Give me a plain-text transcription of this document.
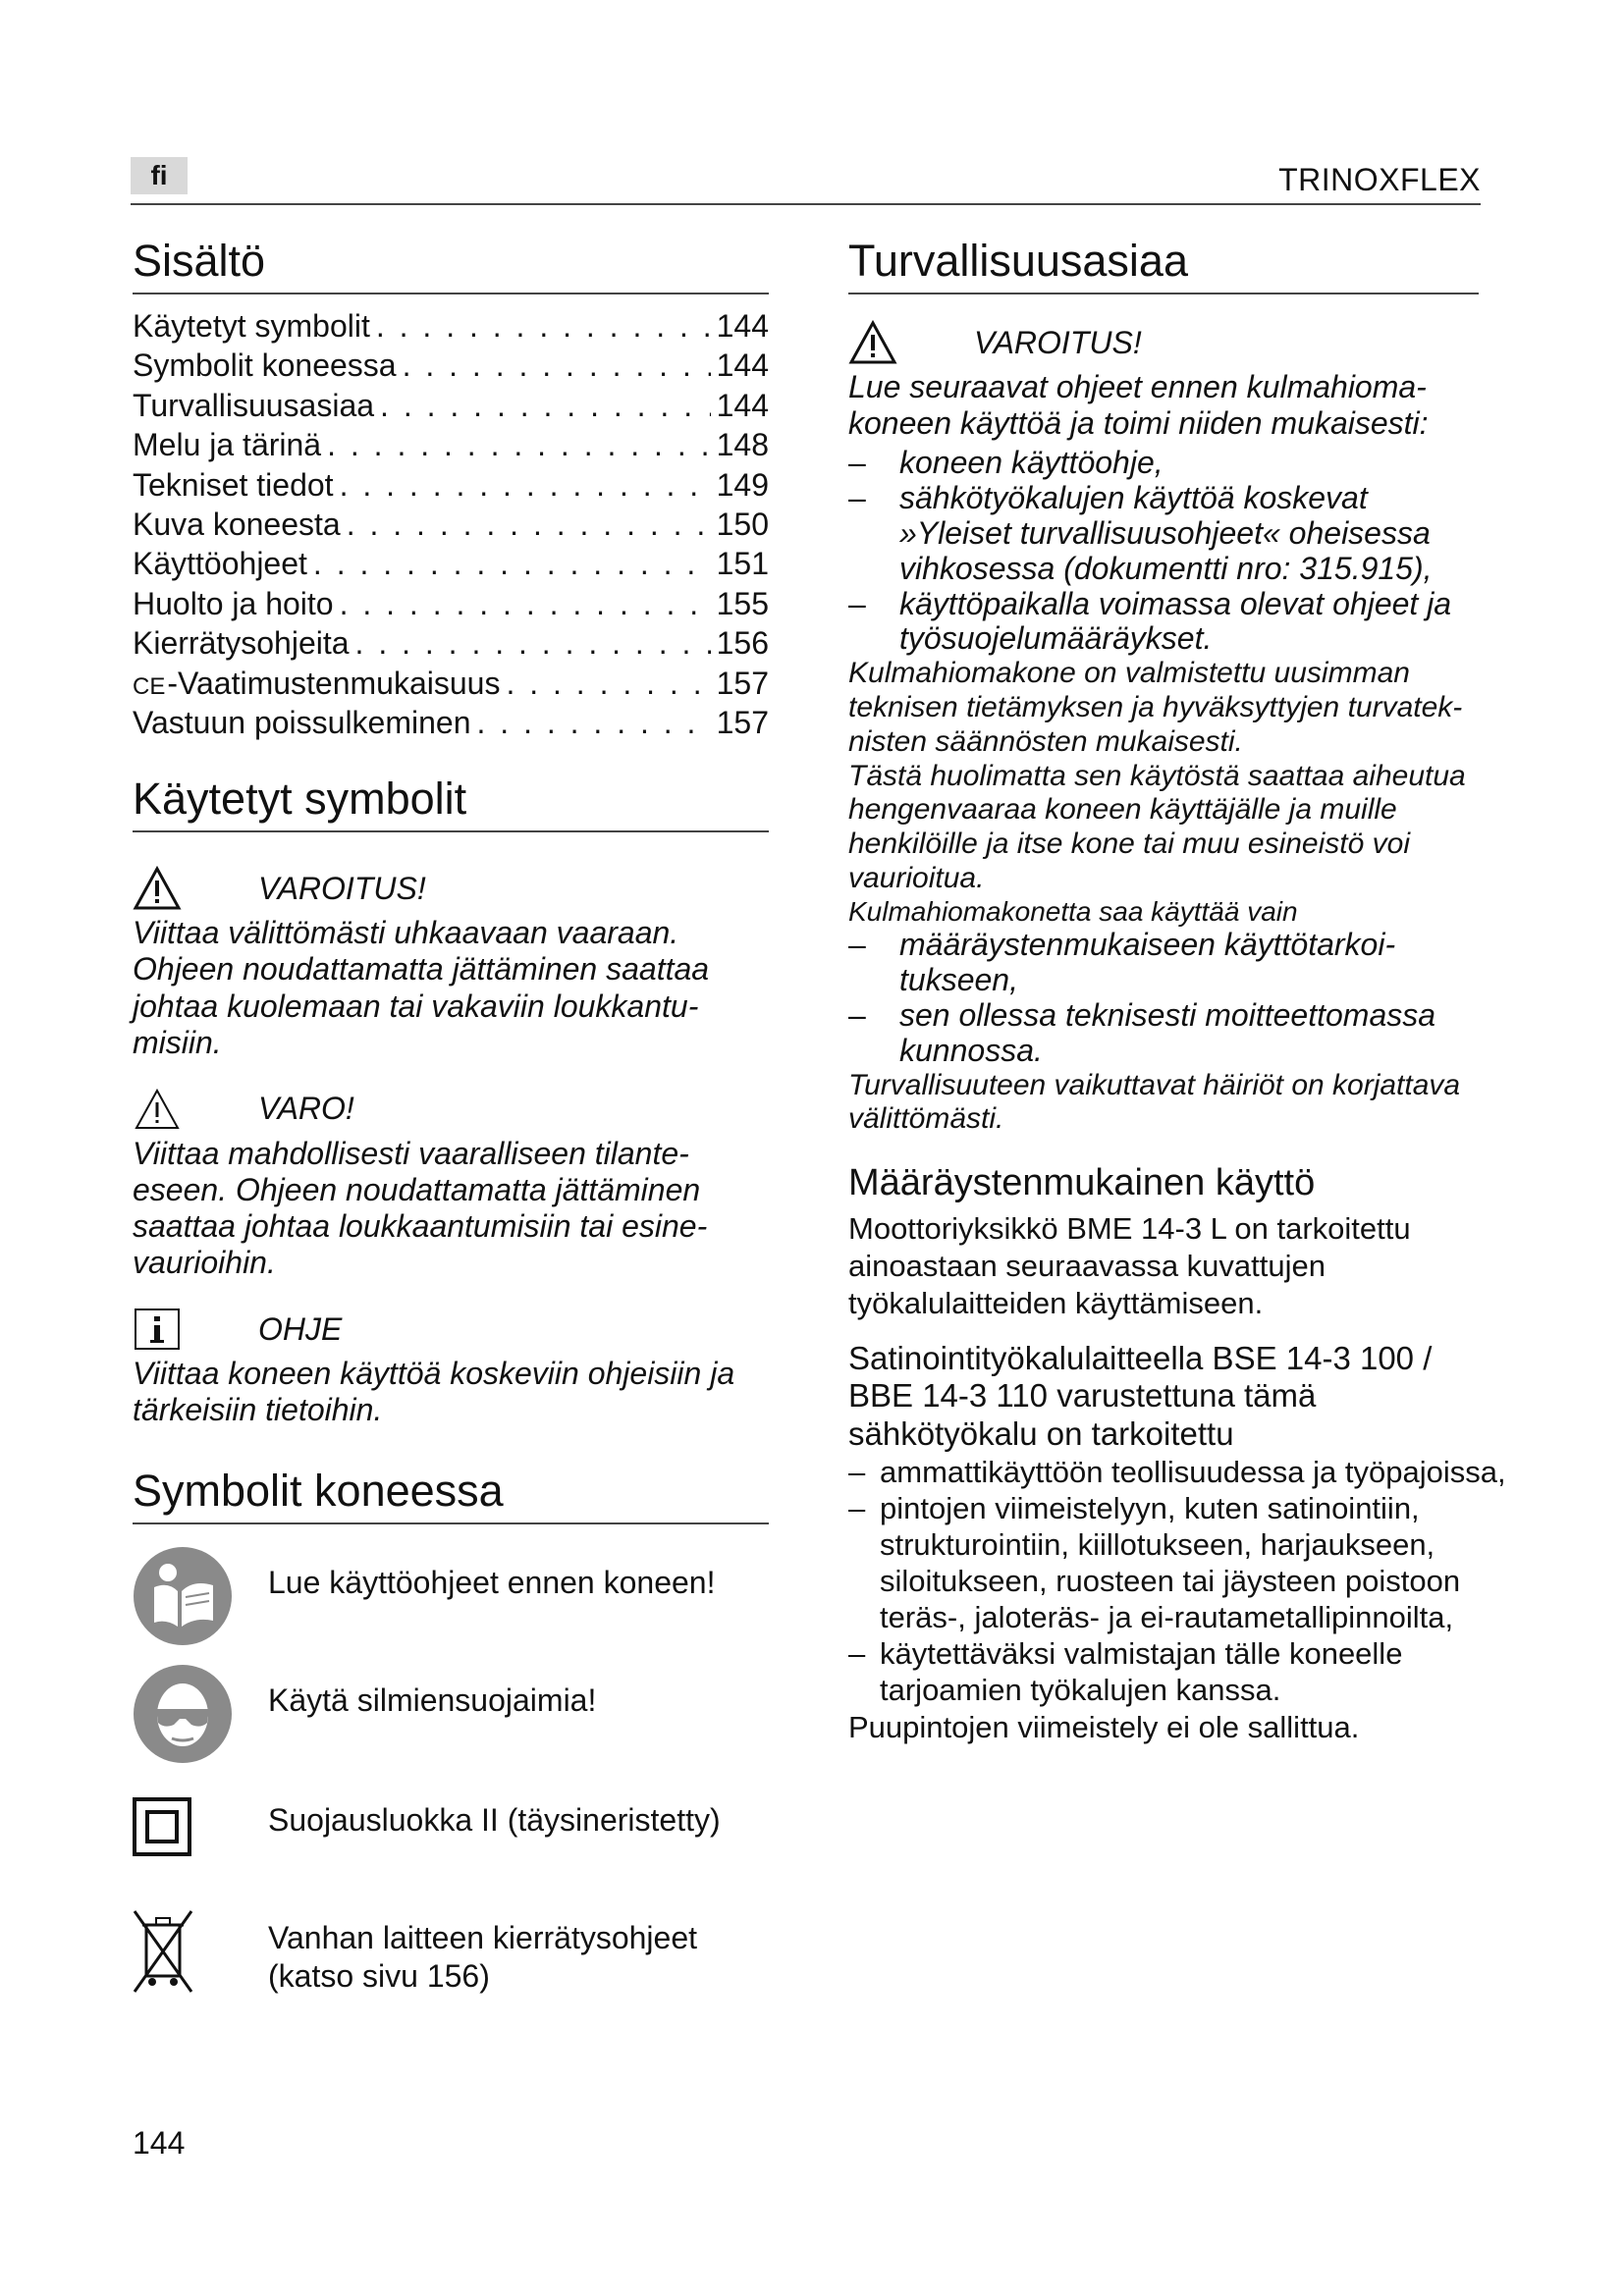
fi	TRINOXFLEX
Sisältö
Käytetyt symbolit . . .	144
Symbolit koneessa . . .	144
Turvallisuusasiaa . . .	144
Melu ja tärinä . . .	148
Tekniset tiedot . . .	149
Kuva koneesta . . .	150
Käyttöohjeet . . .	151
Huolto ja hoito . . .	155
Kierrätysohjeita . . .	156
CE-Vaatimustenmukaisuus . . .	157
Vastuun poissulkeminen . . .	157
Käytetyt symbolit
VAROITUS!

Viittaa välittömästi uhkaavaan vaaraan. Ohjeen noudattamatta jättäminen saattaa johtaa kuolemaan tai vakaviin loukkantu-misiin.

VARO!

Viittaa mahdollisesti vaaralliseen tilante-eseen. Ohjeen noudattamatta jättäminen saattaa johtaa loukkaantumisiin tai esine-vaurioihin.

OHJE

Viittaa koneen käyttöä koskeviin ohjeisiin ja tärkeisiin tietoihin.

Symbolit koneessa
Lue käyttöohjeet ennen koneen!
Käytä silmiensuojaimia!
Suojausluokka II (täysineristetty)
Vanhan laitteen kierrätysohjeet (katso sivu 156)
Turvallisuusasiaa
VAROITUS!

Lue seuraavat ohjeet ennen kulmahioma-koneen käyttöä ja toimi niiden mukaisesti:

– koneen käyttöohje,
– sähkötyökalujen käyttöä koskevat »Yleiset turvallisuusohjeet« oheisessa vihkosessa (dokumentti nro: 315.915),
– käyttöpaikalla voimassa olevat ohjeet ja työsuojelumääräykset.

Kulmahiomakone on valmistettu uusimman teknisen tietämyksen ja hyväksyttyjen turvatek-nisten säännösten mukaisesti.

Tästä huolimatta sen käytöstä saattaa aiheutua hengenvaaraa koneen käyttäjälle ja muille henkilöille ja itse kone tai muu esineistö voi vaurioitua.

Kulmahiomakonetta saa käyttää vain

– määräystenmukaiseen käyttötarkoi-tukseen,
– sen ollessa teknisesti moitteettomassa kunnossa.

Turvallisuuteen vaikuttavat häiriöt on korjattava välittömästi.

Määräystenmukainen käyttö

Moottoriyksikkö BME 14-3 L on tarkoitettu ainoastaan seuraavassa kuvattujen työkalulaitteiden käyttämiseen.

Satinointityökalulaitteella BSE 14-3 100 / BBE 14-3 110 varustettuna tämä sähkötyökalu on tarkoitettu
– ammattikäyttöön teollisuudessa ja työpajoissa,
– pintojen viimeistelyyn, kuten satinointiin, strukturointiin, kiillotukseen, harjaukseen, siloitukseen, ruosteen tai jäysteen poistoon teräs-, jaloteräs- ja ei-rautametallipinnoilta,
– käytettäväksi valmistajan tälle koneelle tarjoamien työkalujen kanssa.

Puupintojen viimeistely ei ole sallittua.

144
